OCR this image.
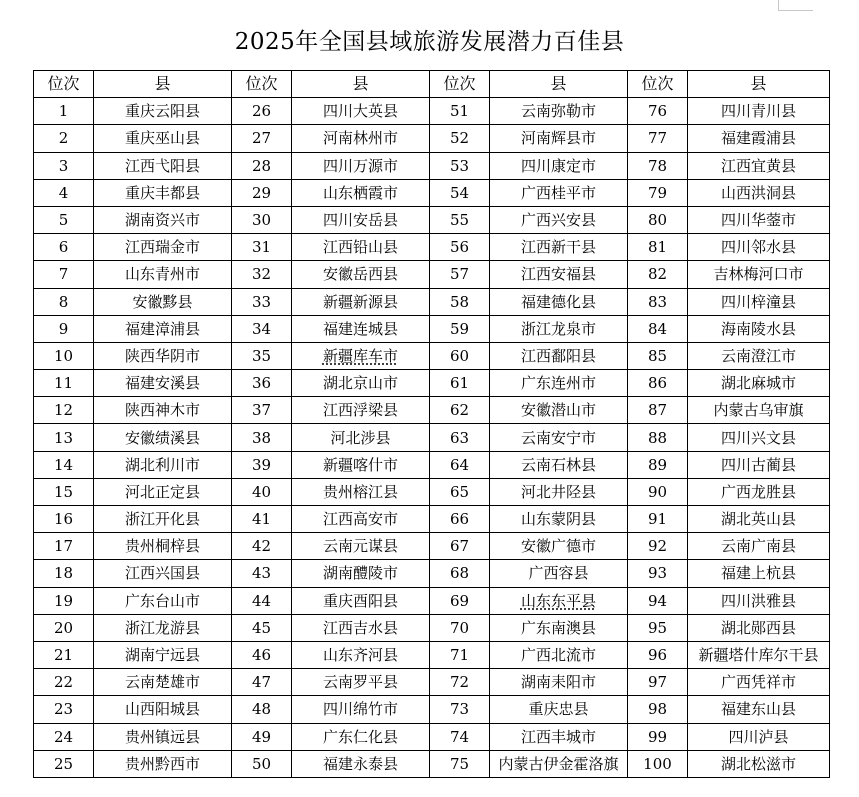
2025年全国县域旅游发展潜力百佳县
位次	县	位次	县	位次	县	位次	县
1	重庆云阳县	26	四川大英县	51	云南弥勒市	76	四川青川县
2	重庆巫山县	27	河南林州市	52	河南辉县市	77	福建霞浦县
3	江西弋阳县	28	四川万源市	53	四川康定市	78	江西宜黄县
4	重庆丰都县	29	山东栖霞市	54	广西桂平市	79	山西洪洞县
5	湖南资兴市	30	四川安岳县	55	广西兴安县	80	四川华蓥市
6	江西瑞金市	31	江西铅山县	56	江西新干县	81	四川邻水县
7	山东青州市	32	安徽岳西县	57	江西安福县	82	吉林梅河口市
8	安徽黟县	33	新疆新源县	58	福建德化县	83	四川梓潼县
9	福建漳浦县	34	福建连城县	59	浙江龙泉市	84	海南陵水县
10	陕西华阴市	35	新疆库车市	60	江西鄱阳县	85	云南澄江市
11	福建安溪县	36	湖北京山市	61	广东连州市	86	湖北麻城市
12	陕西神木市	37	江西浮梁县	62	安徽潜山市	87	内蒙古乌审旗
13	安徽绩溪县	38	河北涉县	63	云南安宁市	88	四川兴文县
14	湖北利川市	39	新疆喀什市	64	云南石林县	89	四川古蔺县
15	河北正定县	40	贵州榕江县	65	河北井陉县	90	广西龙胜县
16	浙江开化县	41	江西高安市	66	山东蒙阴县	91	湖北英山县
17	贵州桐梓县	42	云南元谋县	67	安徽广德市	92	云南广南县
18	江西兴国县	43	湖南醴陵市	68	广西容县	93	福建上杭县
19	广东台山市	44	重庆酉阳县	69	山东东平县	94	四川洪雅县
20	浙江龙游县	45	江西吉水县	70	广东南澳县	95	湖北郧西县
21	湖南宁远县	46	山东齐河县	71	广西北流市	96	新疆塔什库尔干县
22	云南楚雄市	47	云南罗平县	72	湖南耒阳市	97	广西凭祥市
23	山西阳城县	48	四川绵竹市	73	重庆忠县	98	福建东山县
24	贵州镇远县	49	广东仁化县	74	江西丰城市	99	四川泸县
25	贵州黔西市	50	福建永泰县	75	内蒙古伊金霍洛旗	100	湖北松滋市
